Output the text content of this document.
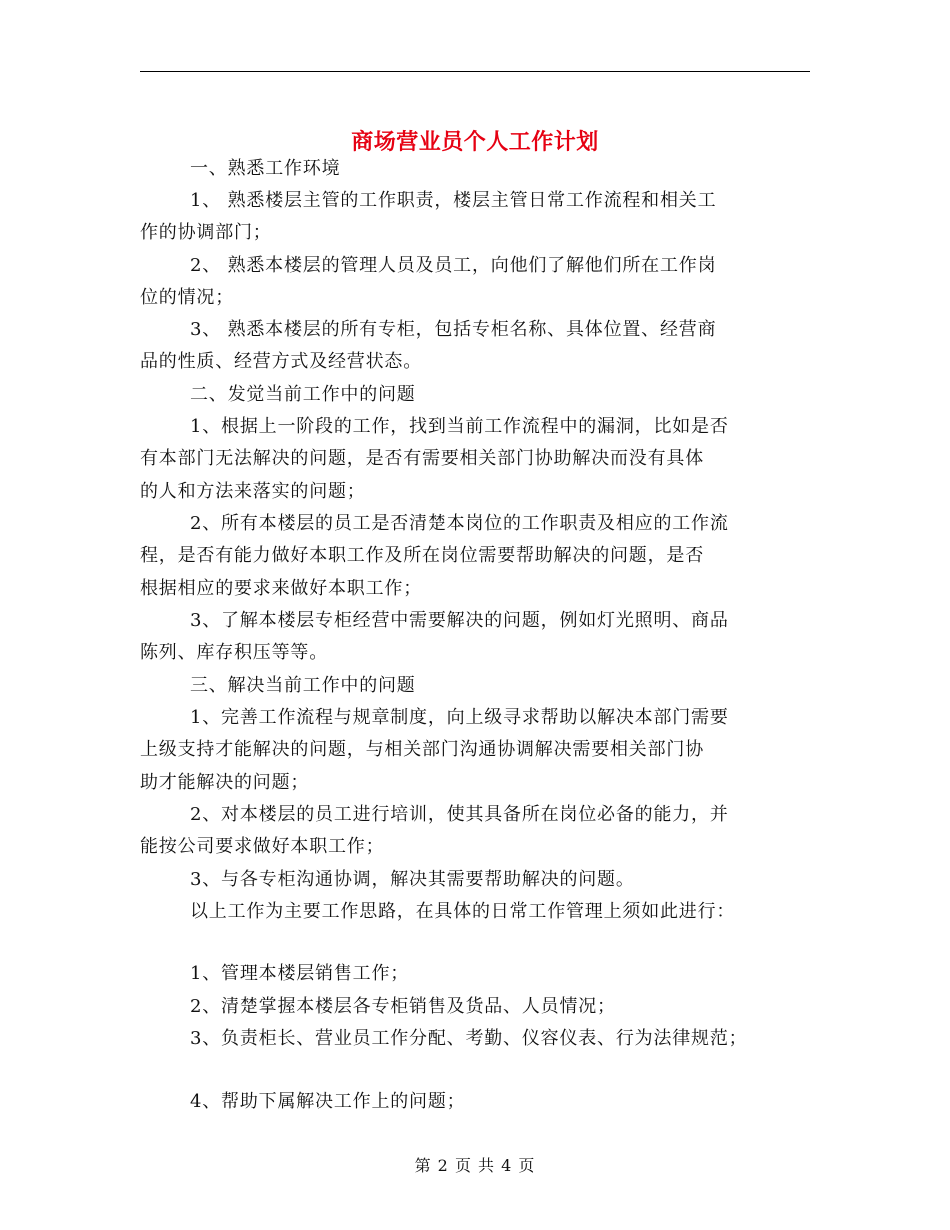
商场营业员个人工作计划

一、熟悉工作环境

1、 熟悉楼层主管的工作职责，楼层主管日常工作流程和相关工

作的协调部门；

2、 熟悉本楼层的管理人员及员工，向他们了解他们所在工作岗

位的情况；

3、 熟悉本楼层的所有专柜，包括专柜名称、具体位置、经营商

品的性质、经营方式及经营状态。

二、发觉当前工作中的问题

1、根据上一阶段的工作，找到当前工作流程中的漏洞，比如是否

有本部门无法解决的问题，是否有需要相关部门协助解决而没有具体

的人和方法来落实的问题；

2、所有本楼层的员工是否清楚本岗位的工作职责及相应的工作流

程，是否有能力做好本职工作及所在岗位需要帮助解决的问题，是否

根据相应的要求来做好本职工作；

3、了解本楼层专柜经营中需要解决的问题，例如灯光照明、商品

陈列、库存积压等等。

三、解决当前工作中的问题

1、完善工作流程与规章制度，向上级寻求帮助以解决本部门需要

上级支持才能解决的问题，与相关部门沟通协调解决需要相关部门协

助才能解决的问题；

2、对本楼层的员工进行培训，使其具备所在岗位必备的能力，并

能按公司要求做好本职工作；

3、与各专柜沟通协调，解决其需要帮助解决的问题。

以上工作为主要工作思路，在具体的日常工作管理上须如此进行：

1、管理本楼层销售工作；

2、清楚掌握本楼层各专柜销售及货品、人员情况；

3、负责柜长、营业员工作分配、考勤、仪容仪表、行为法律规范；

4、帮助下属解决工作上的问题；

第 2 页 共 4 页
